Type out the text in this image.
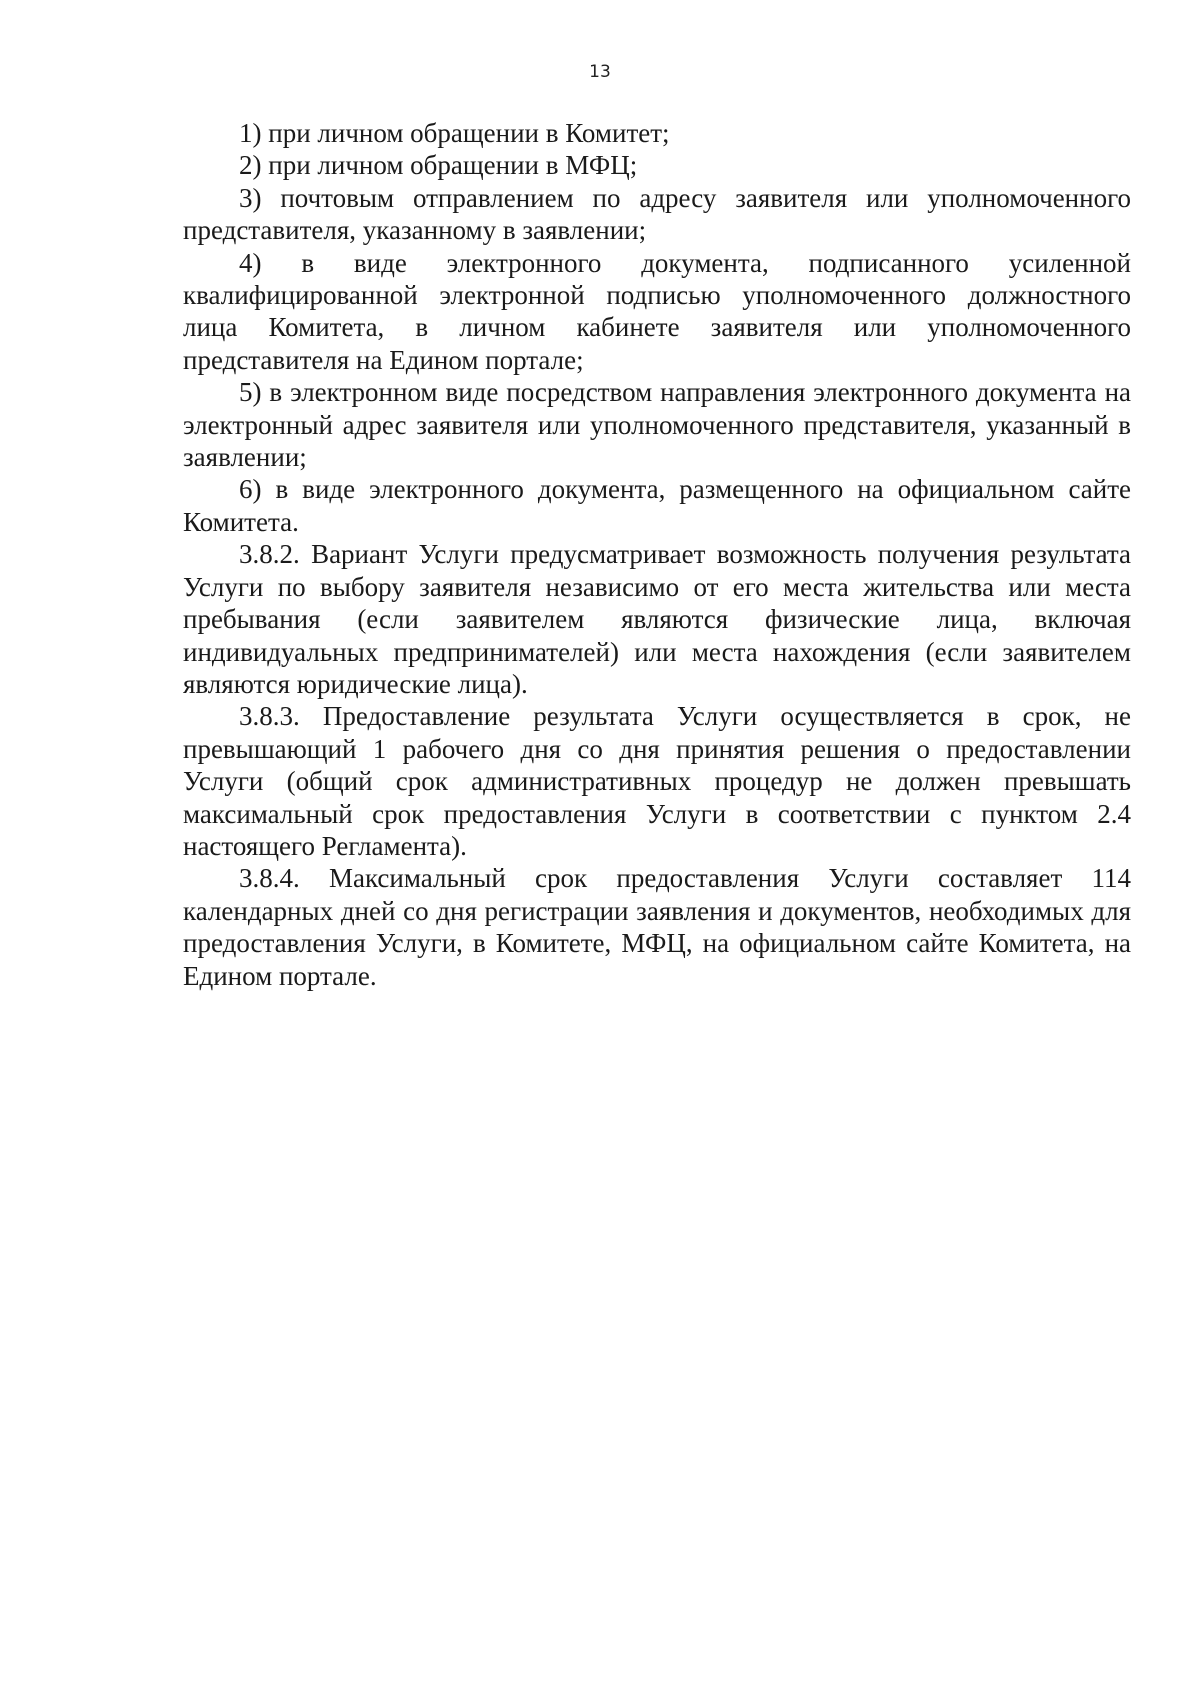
13

1) при личном обращении в Комитет;

2) при личном обращении в МФЦ;

3) почтовым отправлением по адресу заявителя или уполномоченного представителя, указанному в заявлении;

4) в виде электронного документа, подписанного усиленной квалифицированной электронной подписью уполномоченного должностного лица Комитета, в личном кабинете заявителя или уполномоченного представителя на Едином портале;

5) в электронном виде посредством направления электронного документа на электронный адрес заявителя или уполномоченного представителя, указанный в заявлении;

6) в виде электронного документа, размещенного на официальном сайте Комитета.

3.8.2. Вариант Услуги предусматривает возможность получения результата Услуги по выбору заявителя независимо от его места жительства или места пребывания (если заявителем являются физические лица, включая индивидуальных предпринимателей) или места нахождения (если заявителем являются юридические лица).

3.8.3. Предоставление результата Услуги осуществляется в срок, не превышающий 1 рабочего дня со дня принятия решения о предоставлении Услуги (общий срок административных процедур не должен превышать максимальный срок предоставления Услуги в соответствии с пунктом 2.4 настоящего Регламента).

3.8.4. Максимальный срок предоставления Услуги составляет 114 календарных дней со дня регистрации заявления и документов, необходимых для предоставления Услуги, в Комитете, МФЦ, на официальном сайте Комитета, на Едином портале.
